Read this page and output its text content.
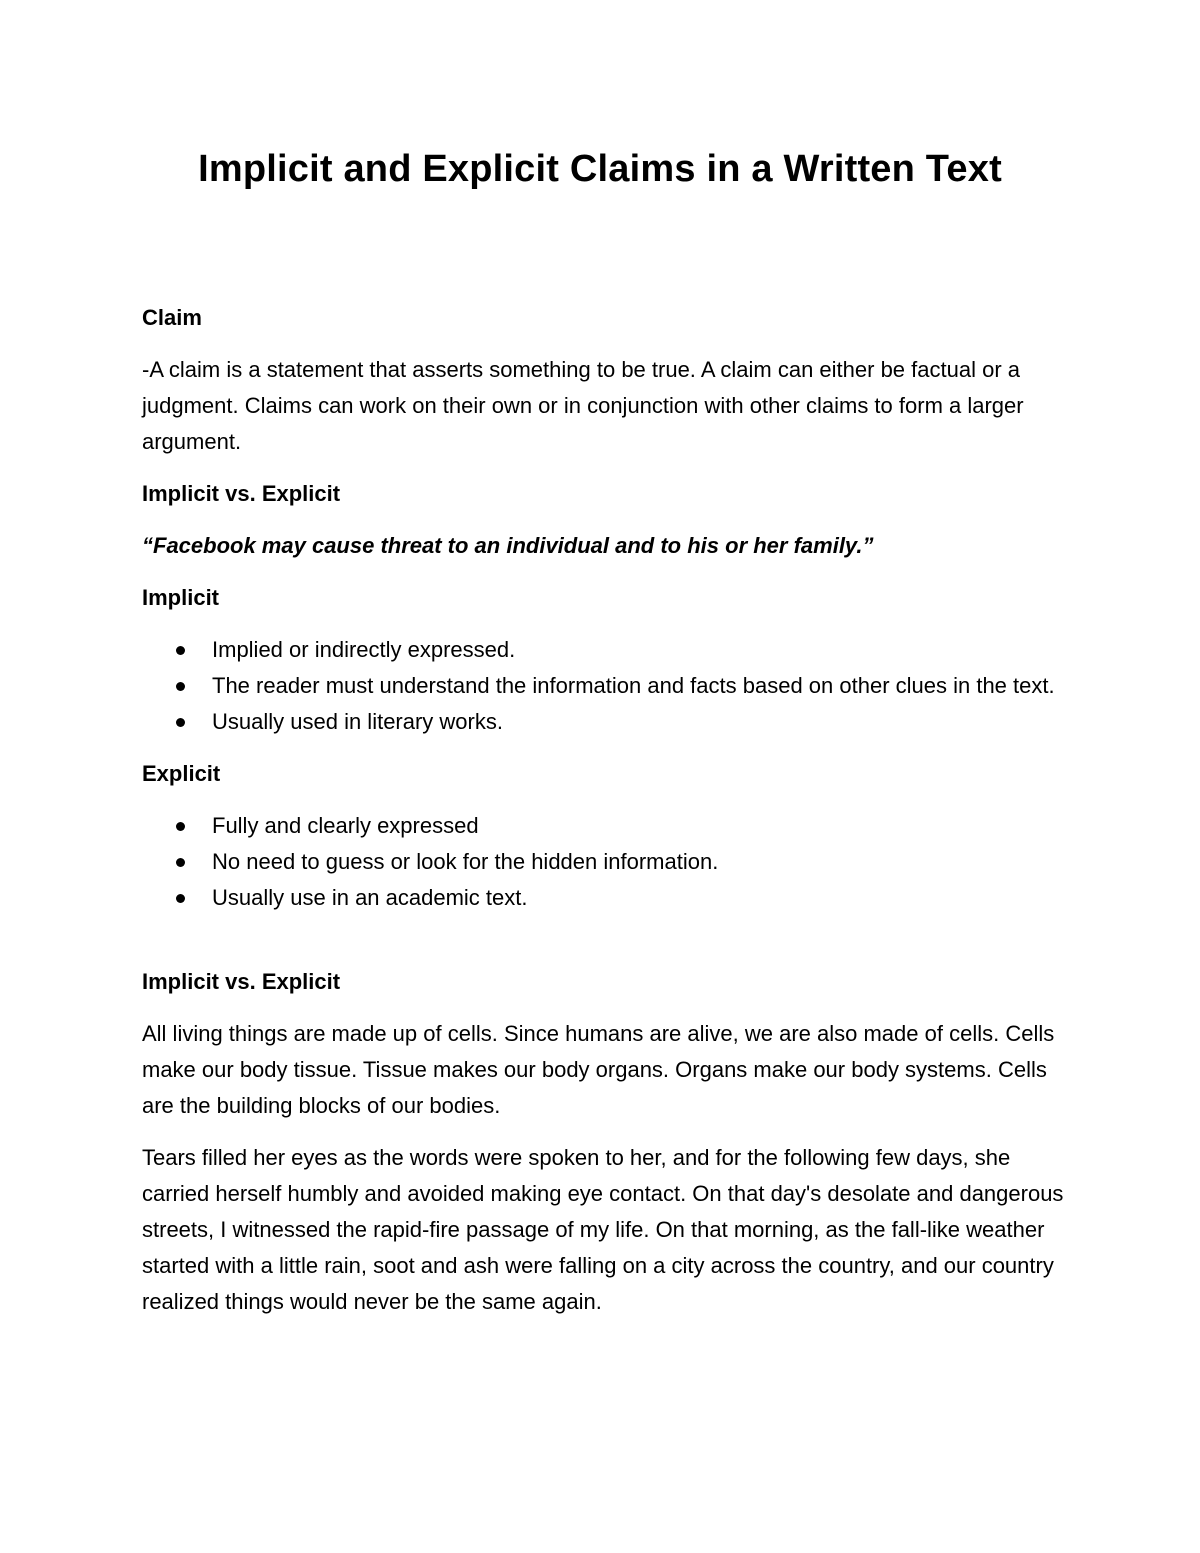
Implicit and Explicit Claims in a Written Text

Claim

-A claim is a statement that asserts something to be true. A claim can either be factual or a judgment. Claims can work on their own or in conjunction with other claims to form a larger argument.

Implicit vs. Explicit

“Facebook may cause threat to an individual and to his or her family.”

Implicit

Implied or indirectly expressed.
The reader must understand the information and facts based on other clues in the text.
Usually used in literary works.

Explicit

Fully and clearly expressed
No need to guess or look for the hidden information.
Usually use in an academic text.

Implicit vs. Explicit

All living things are made up of cells. Since humans are alive, we are also made of cells. Cells make our body tissue. Tissue makes our body organs. Organs make our body systems. Cells are the building blocks of our bodies.

Tears filled her eyes as the words were spoken to her, and for the following few days, she carried herself humbly and avoided making eye contact. On that day's desolate and dangerous streets, I witnessed the rapid-fire passage of my life. On that morning, as the fall-like weather started with a little rain, soot and ash were falling on a city across the country, and our country realized things would never be the same again.
